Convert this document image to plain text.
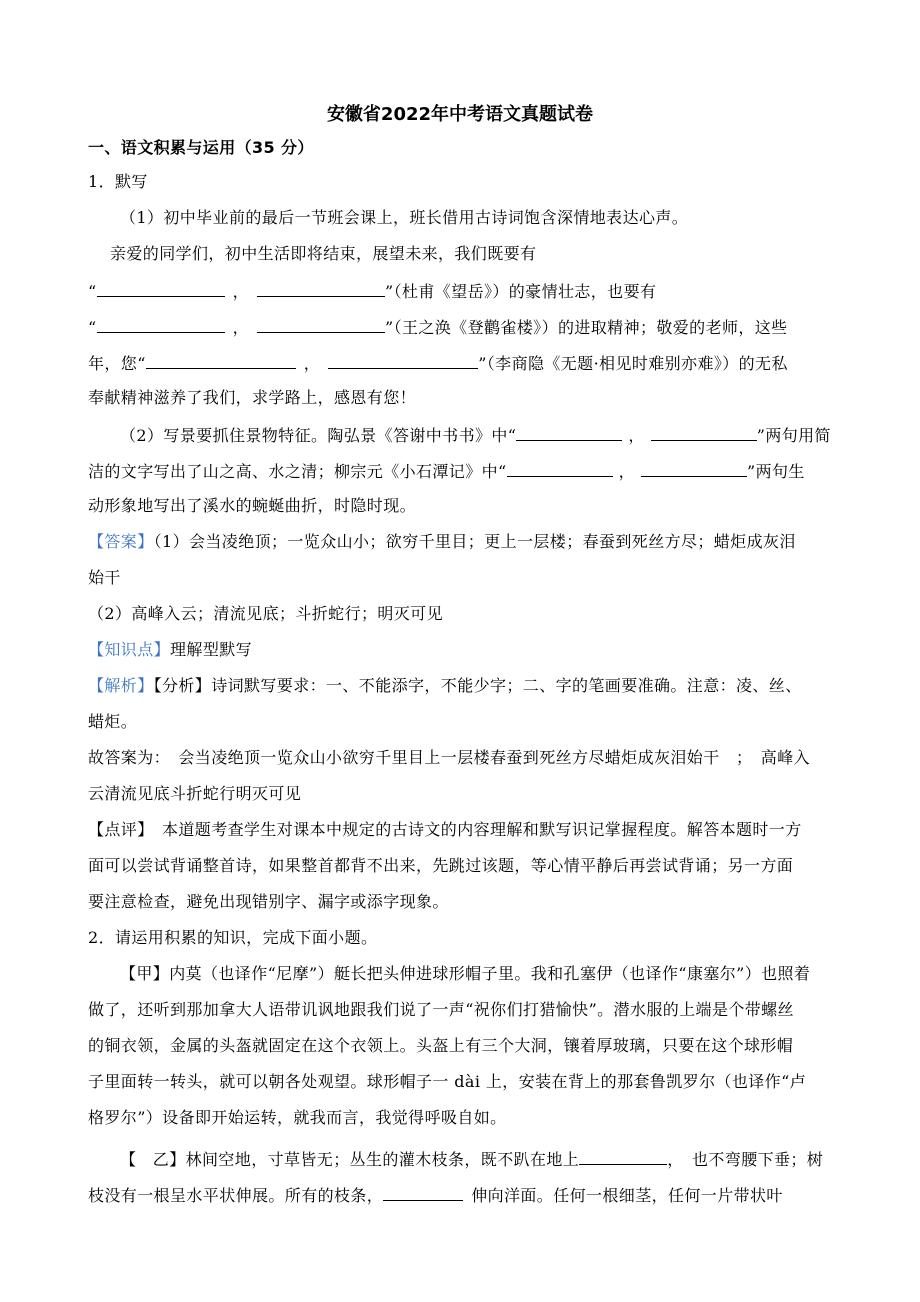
安徽省2022年中考语文真题试卷
一、语文积累与运用（35 分）
1．默写
（1）初中毕业前的最后一节班会课上，班长借用古诗词饱含深情地表达心声。
亲爱的同学们，初中生活即将结束，展望未来，我们既要有
“	，	”（杜甫《望岳》）的豪情壮志，也要有
“	，	”（王之涣《登鹳雀楼》）的进取精神；敬爱的老师，这些
年，您“	，	”（李商隐《无题·相见时难别亦难》）的无私
奉献精神滋养了我们，求学路上，感恩有您！
（2）写景要抓住景物特征。陶弘景《答谢中书书》中“	，	”两句用简
洁的文字写出了山之高、水之清；柳宗元《小石潭记》中“	，	”两句生
动形象地写出了溪水的蜿蜒曲折，时隐时现。
【答案】（1）会当凌绝顶；一览众山小；欲穷千里目；更上一层楼；春蚕到死丝方尽；蜡炬成灰泪
始干
（2）高峰入云；清流见底；斗折蛇行；明灭可见
【知识点】理解型默写
【解析】【分析】诗词默写要求：一、不能添字，不能少字；二、字的笔画要准确。注意：凌、丝、
蜡炬。
故答案为：　会当凌绝顶一览众山小欲穷千里目上一层楼春蚕到死丝方尽蜡炬成灰泪始干　；　高峰入
云清流见底斗折蛇行明灭可见
【点评】　本道题考查学生对课本中规定的古诗文的内容理解和默写识记掌握程度。解答本题时一方
面可以尝试背诵整首诗，如果整首都背不出来，先跳过该题，等心情平静后再尝试背诵；另一方面
要注意检查，避免出现错别字、漏字或添字现象。
2．请运用积累的知识，完成下面小题。
【甲】内莫（也译作“尼摩”）艇长把头伸进球形帽子里。我和孔塞伊（也译作“康塞尔”）也照着
做了，还听到那加拿大人语带讥讽地跟我们说了一声“祝你们打猎愉快”。潜水服的上端是个带螺丝
的铜衣领，金属的头盔就固定在这个衣领上。头盔上有三个大洞，镶着厚玻璃，只要在这个球形帽
子里面转一转头，就可以朝各处观望。球形帽子一 dài 上，安装在背上的那套鲁凯罗尔（也译作“卢
格罗尔”）设备即开始运转，就我而言，我觉得呼吸自如。
【　乙】林间空地，寸草皆无；丛生的灌木枝条，既不趴在地上	，　也不弯腰下垂；树
枝没有一根呈水平状伸展。所有的枝条，	伸向洋面。任何一根细茎，任何一片带状叶
